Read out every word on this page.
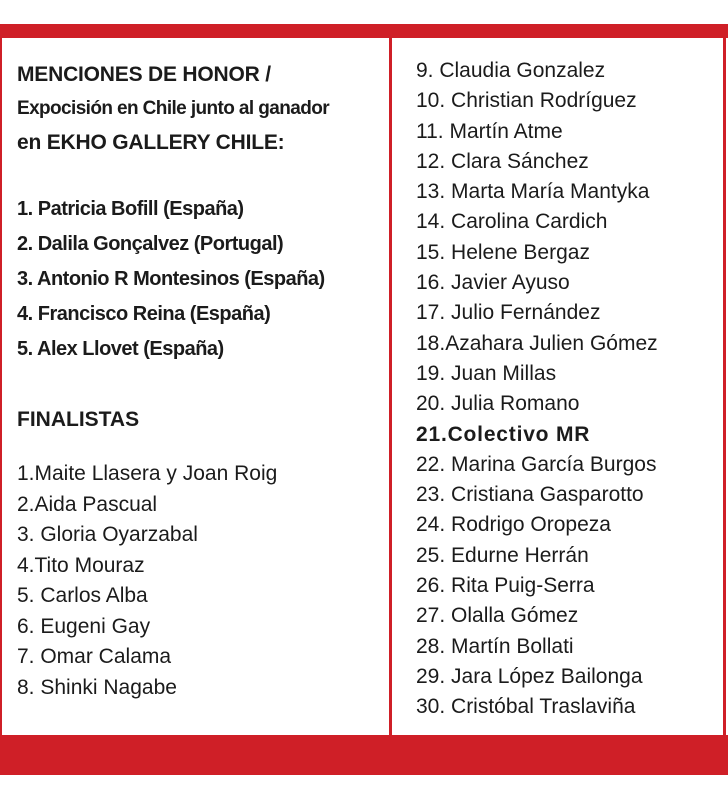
MENCIONES DE HONOR /

Expocisión en Chile junto al ganador

en EKHO GALLERY CHILE:

1. Patricia Bofill (España)
2. Dalila Gonçalvez (Portugal)
3. Antonio R Montesinos (España)
4. Francisco Reina (España)
5. Alex Llovet (España)

FINALISTAS

1.Maite Llasera y Joan Roig
2.Aida Pascual
3. Gloria Oyarzabal
4.Tito Mouraz
5. Carlos Alba
6. Eugeni Gay
7. Omar Calama
8. Shinki Nagabe
9. Claudia Gonzalez
10. Christian Rodríguez
11. Martín Atme
12. Clara Sánchez
13. Marta María Mantyka
14. Carolina Cardich
15. Helene Bergaz
16. Javier Ayuso
17. Julio Fernández
18.Azahara Julien Gómez
19. Juan Millas
20. Julia Romano
21.Colectivo MR
22. Marina García Burgos
23. Cristiana Gasparotto
24. Rodrigo Oropeza
25. Edurne Herrán
26. Rita Puig-Serra
27. Olalla Gómez
28. Martín Bollati
29. Jara López Bailonga
30. Cristóbal Traslaviña
